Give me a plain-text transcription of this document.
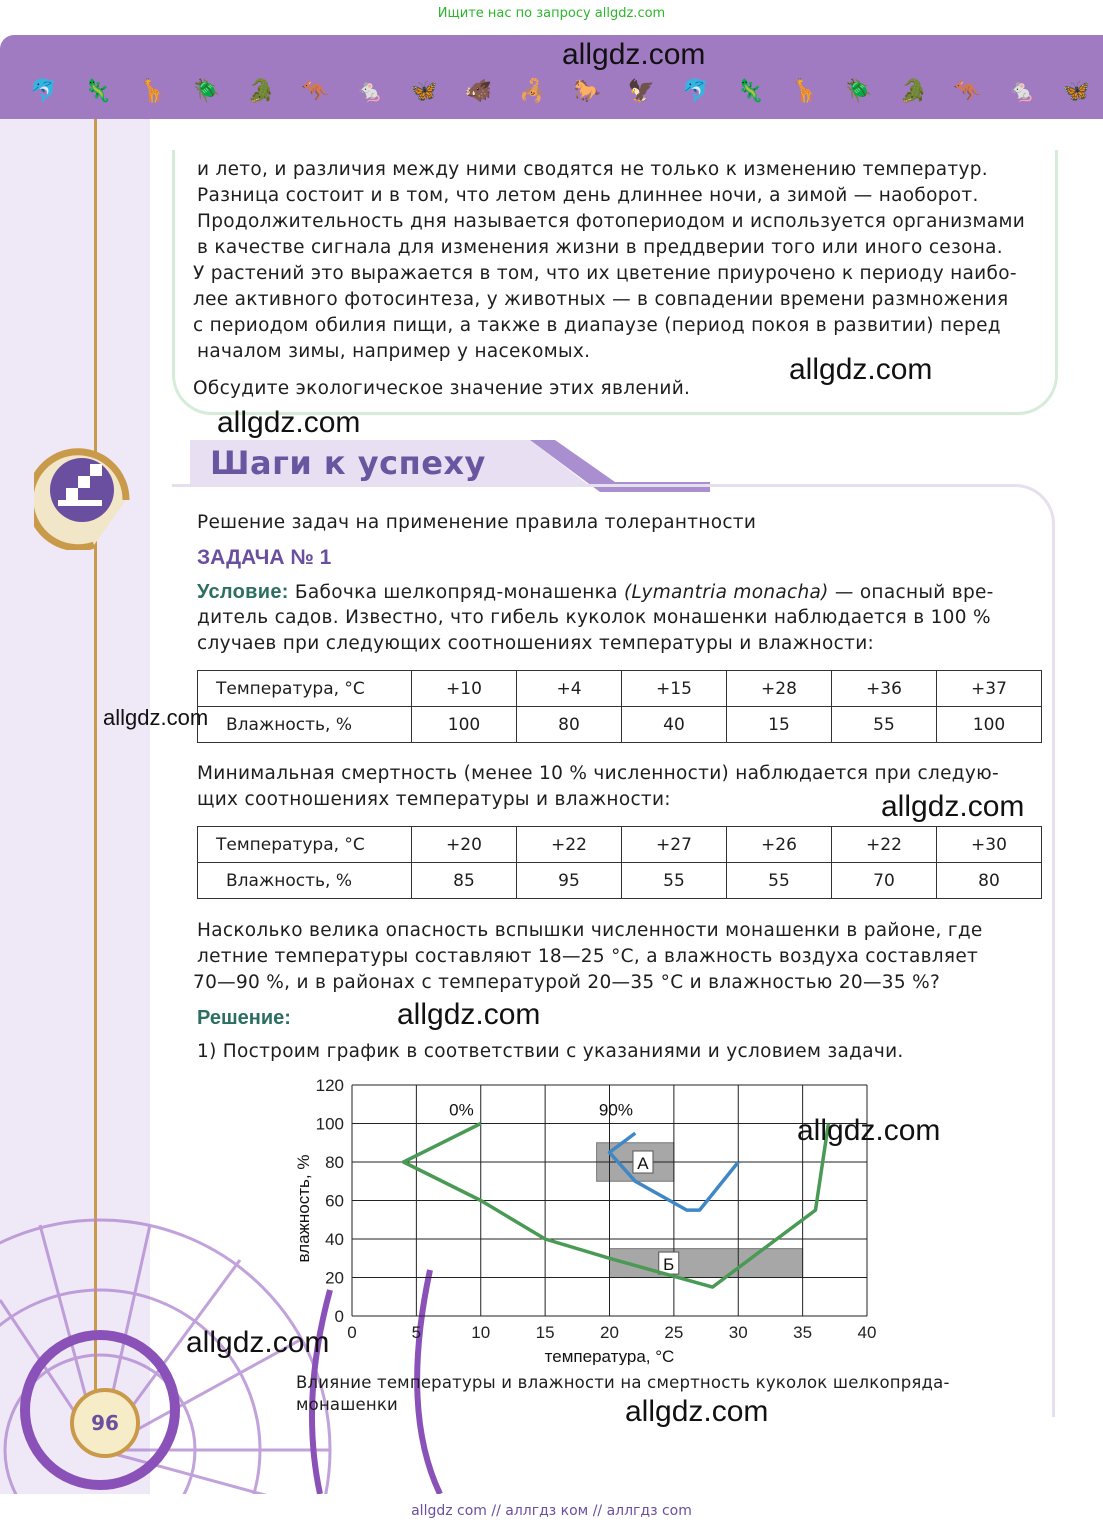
Ищите нас по запросу allgdz.com
🐬 🦎 🦒 🪲 🐊 🦘 🐁 🦋 🐗 🦂 🐎 🦅 🐬 🦎 🦒 🪲 🐊 🦘 🐁 🦋
и лето, и различия между ними сводятся не только к изменению температур.
Разница состоит и в том, что летом день длиннее ночи, а зимой — наоборот.
Продолжительность дня называется фотопериодом и используется организмами
в качестве сигнала для изменения жизни в преддверии того или иного сезона.
У растений это выражается в том, что их цветение приурочено к периоду наибо-
лее активного фотосинтеза, у животных — в совпадении времени размножения
с периодом обилия пищи, а также в диапаузе (период покоя в развитии) перед
началом зимы, например у насекомых.
Обсудите экологическое значение этих явлений.
Шаги к успеху
Решение задач на применение правила толерантности
ЗАДАЧА № 1
Условие: Бабочка шелкопряд-монашенка (Lymantria monacha) — опасный вре-
дитель садов. Известно, что гибель куколок монашенки наблюдается в 100 %
случаев при следующих соотношениях температуры и влажности:
Температура, °С	+10	+4	+15	+28	+36	+37
Влажность, %	100	80	40	15	55	100
Минимальная смертность (менее 10 % численности) наблюдается при следую-
щих соотношениях температуры и влажности:
Температура, °С	+20	+22	+27	+26	+22	+30
Влажность, %	85	95	55	55	70	80
Насколько велика опасность вспышки численности монашенки в районе, где
летние температуры составляют 18—25 °С, а влажность воздуха составляет
70—90 %, и в районах с температурой 20—35 °С и влажностью 20—35 %?
Решение:
1) Построим график в соответствии с указаниями и условием задачи.
0	5	10	15	20	25	30	35	40
0
20
40
60
80
100
120
А
Б
0%	90%
температура, °С
влажность, %
Влияние температуры и влажности на смертность куколок шелкопряда-
монашенки
96
allgdz.com
allgdz.com
allgdz.com
allgdz.com
allgdz.com
allgdz.com
allgdz.com
allgdz.com
allgdz.com
allgdz com // аллгдз ком // аллгдз com
